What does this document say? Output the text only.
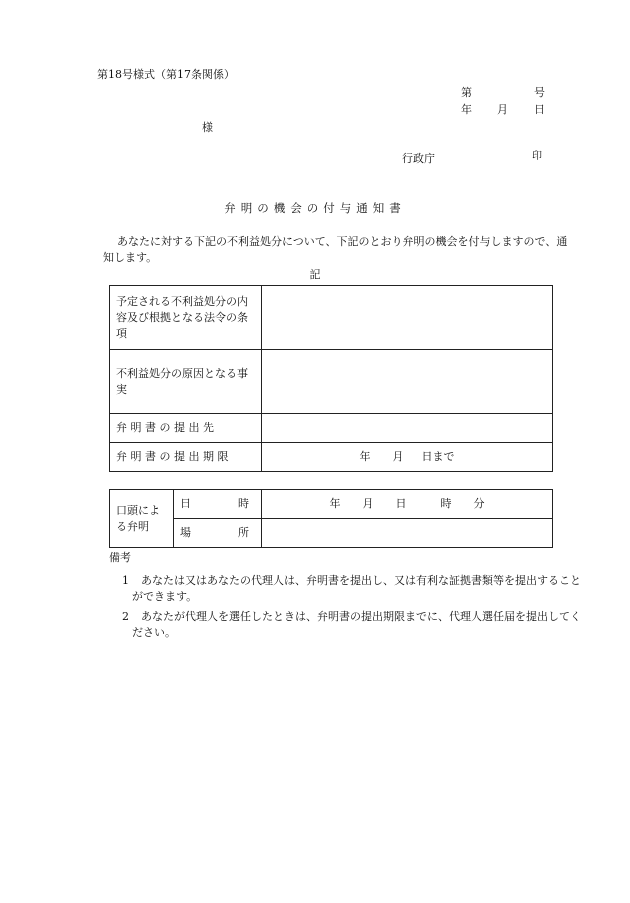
第18号様式（第17条関係）
第	号
年 月 日
様
行政庁	印
弁明の機会の付与通知書
あなたに対する下記の不利益処分について、下記のとおり弁明の機会を付与しますので、通知します。
記
予定される不利益処分の内容及び根拠となる法令の条項	
不利益処分の原因となる事実	
弁 明 書 の 提 出 先	
弁 明 書 の 提 出 期 限	年 月 日まで
口頭による弁明	日 時	年 月 日 時 分

	場 所	

備考
1 あなたは又はあなたの代理人は、弁明書を提出し、又は有利な証拠書類等を提出することができます。
2 あなたが代理人を選任したときは、弁明書の提出期限までに、代理人選任届を提出してください。
